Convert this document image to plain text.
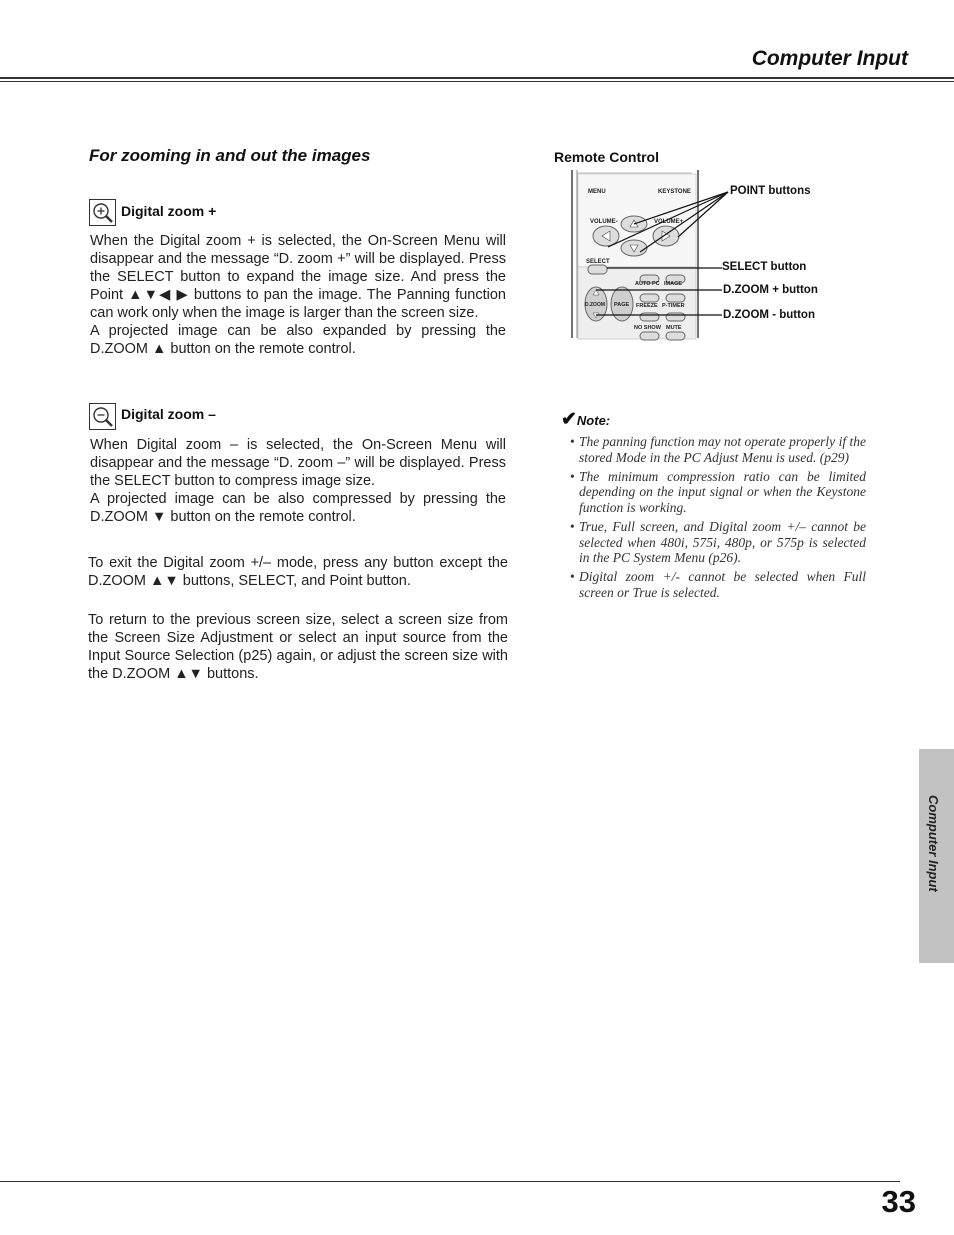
Computer Input
For zooming in and out the images
Digital zoom +

When the Digital zoom + is selected, the On-Screen Menu will disappear and the message “D. zoom +” will be displayed. Press the SELECT button to expand the image size. And press the Point ▲▼◀ ▶ buttons to pan the image. The Panning function can work only when the image is larger than the screen size.

A projected image can be also expanded by pressing the D.ZOOM ▲ button on the remote control.

Digital zoom –

When Digital zoom – is selected, the On-Screen Menu will disappear and the message “D. zoom –” will be displayed. Press the SELECT button to compress image size.

A projected image can be also compressed by pressing the D.ZOOM ▼ button on the remote control.

To exit the Digital zoom +/– mode, press any button except the D.ZOOM ▲▼ buttons, SELECT, and Point button.

To return to the previous screen size, select a screen size from the Screen Size Adjustment or select an input source from the Input Source Selection (p25) again, or adjust the screen size with the D.ZOOM ▲▼ buttons.

Remote Control
MENU	KEYSTONE
VOLUME-	VOLUME+
SELECT
AUTO PC IMAGE
D.ZOOM PAGE FREEZE P-TIMER
NO SHOW MUTE
POINT buttons
SELECT button
D.ZOOM + button
D.ZOOM - button
✔Note:
• The panning function may not operate properly if the stored Mode in the PC Adjust Menu is used. (p29)
• The minimum compression ratio can be limited depending on the input signal or when the Keystone function is working.
• True, Full screen, and Digital zoom +/– cannot be selected when 480i, 575i, 480p, or 575p is selected in the PC System Menu (p26).
• Digital zoom +/- cannot be selected when Full screen or True is selected.
Computer Input
33
